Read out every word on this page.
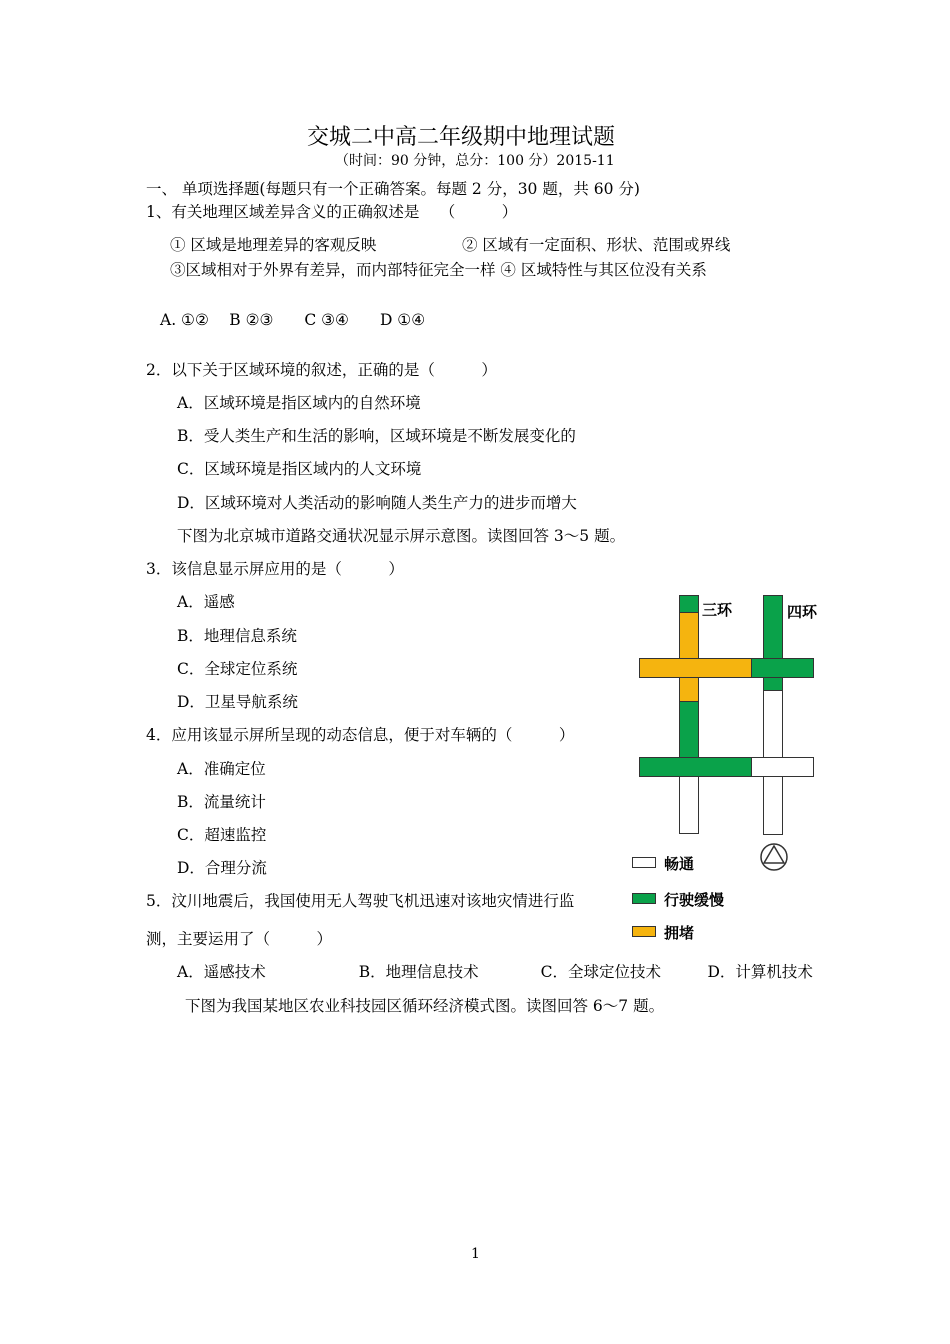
交城二中高二年级期中地理试题
（时间：90 分钟，总分：100 分）2015-11
一、 单项选择题(每题只有一个正确答案。每题 2 分，30 题，共 60 分)
1、有关地理区域差异含义的正确叙述是　 （　　　）
① 区域是地理差异的客观反映	② 区域有一定面积、形状、范围或界线
③区域相对于外界有差异，而内部特征完全一样 ④ 区域特性与其区位没有关系
A. ①②　 B ②③　　C ③④　　D ①④
2．以下关于区域环境的叙述，正确的是（　　　）
A．区域环境是指区域内的自然环境
B．受人类生产和生活的影响，区域环境是不断发展变化的
C．区域环境是指区域内的人文环境
D．区域环境对人类活动的影响随人类生产力的进步而增大
下图为北京城市道路交通状况显示屏示意图。读图回答 3～5 题。
3．该信息显示屏应用的是（　　　）
A．遥感
B．地理信息系统
C．全球定位系统
D．卫星导航系统
4．应用该显示屏所呈现的动态信息，便于对车辆的（　　　）
A．准确定位
B．流量统计
C．超速监控
D．合理分流
5．汶川地震后，我国使用无人驾驶飞机迅速对该地灾情进行监
测，主要运用了（　　　）
A．遥感技术　　　　　　B．地理信息技术　　　　C．全球定位技术　　　D．计算机技术
下图为我国某地区农业科技园区循环经济模式图。读图回答 6～7 题。
三环	四环
畅通
行驶缓慢
拥堵
1
